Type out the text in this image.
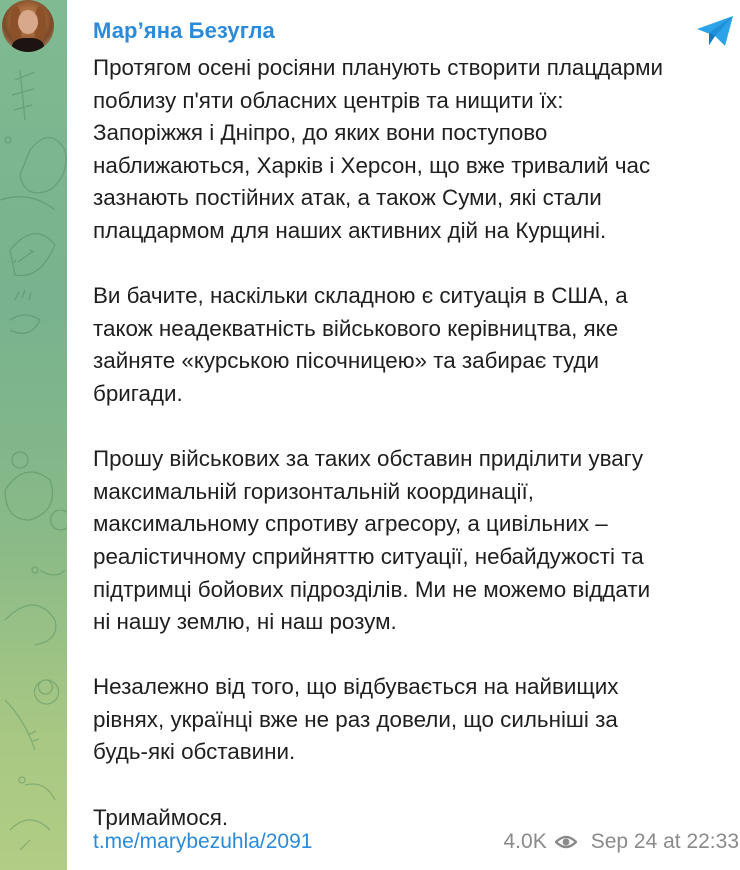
Мар’яна Безугла
Протягом осені росіяни планують створити плацдарми
поблизу п'яти обласних центрів та нищити їх:
Запоріжжя і Дніпро, до яких вони поступово
наближаються, Харків і Херсон, що вже тривалий час
зазнають постійних атак, а також Суми, які стали
плацдармом для наших активних дій на Курщині.
Ви бачите, наскільки складною є ситуація в США, а
також неадекватність військового керівництва, яке
зайняте «курською пісочницею» та забирає туди
бригади.
Прошу військових за таких обставин приділити увагу
максимальній горизонтальній координації,
максимальному спротиву агресору, а цивільних –
реалістичному сприйняттю ситуації, небайдужості та
підтримці бойових підрозділів. Ми не можемо віддати
ні нашу землю, ні наш розум.
Незалежно від того, що відбувається на найвищих
рівнях, українці вже не раз довели, що сильніші за
будь-які обставини.
Тримаймося.
t.me/marybezuhla/2091	4.0K Sep 24 at 22:33
